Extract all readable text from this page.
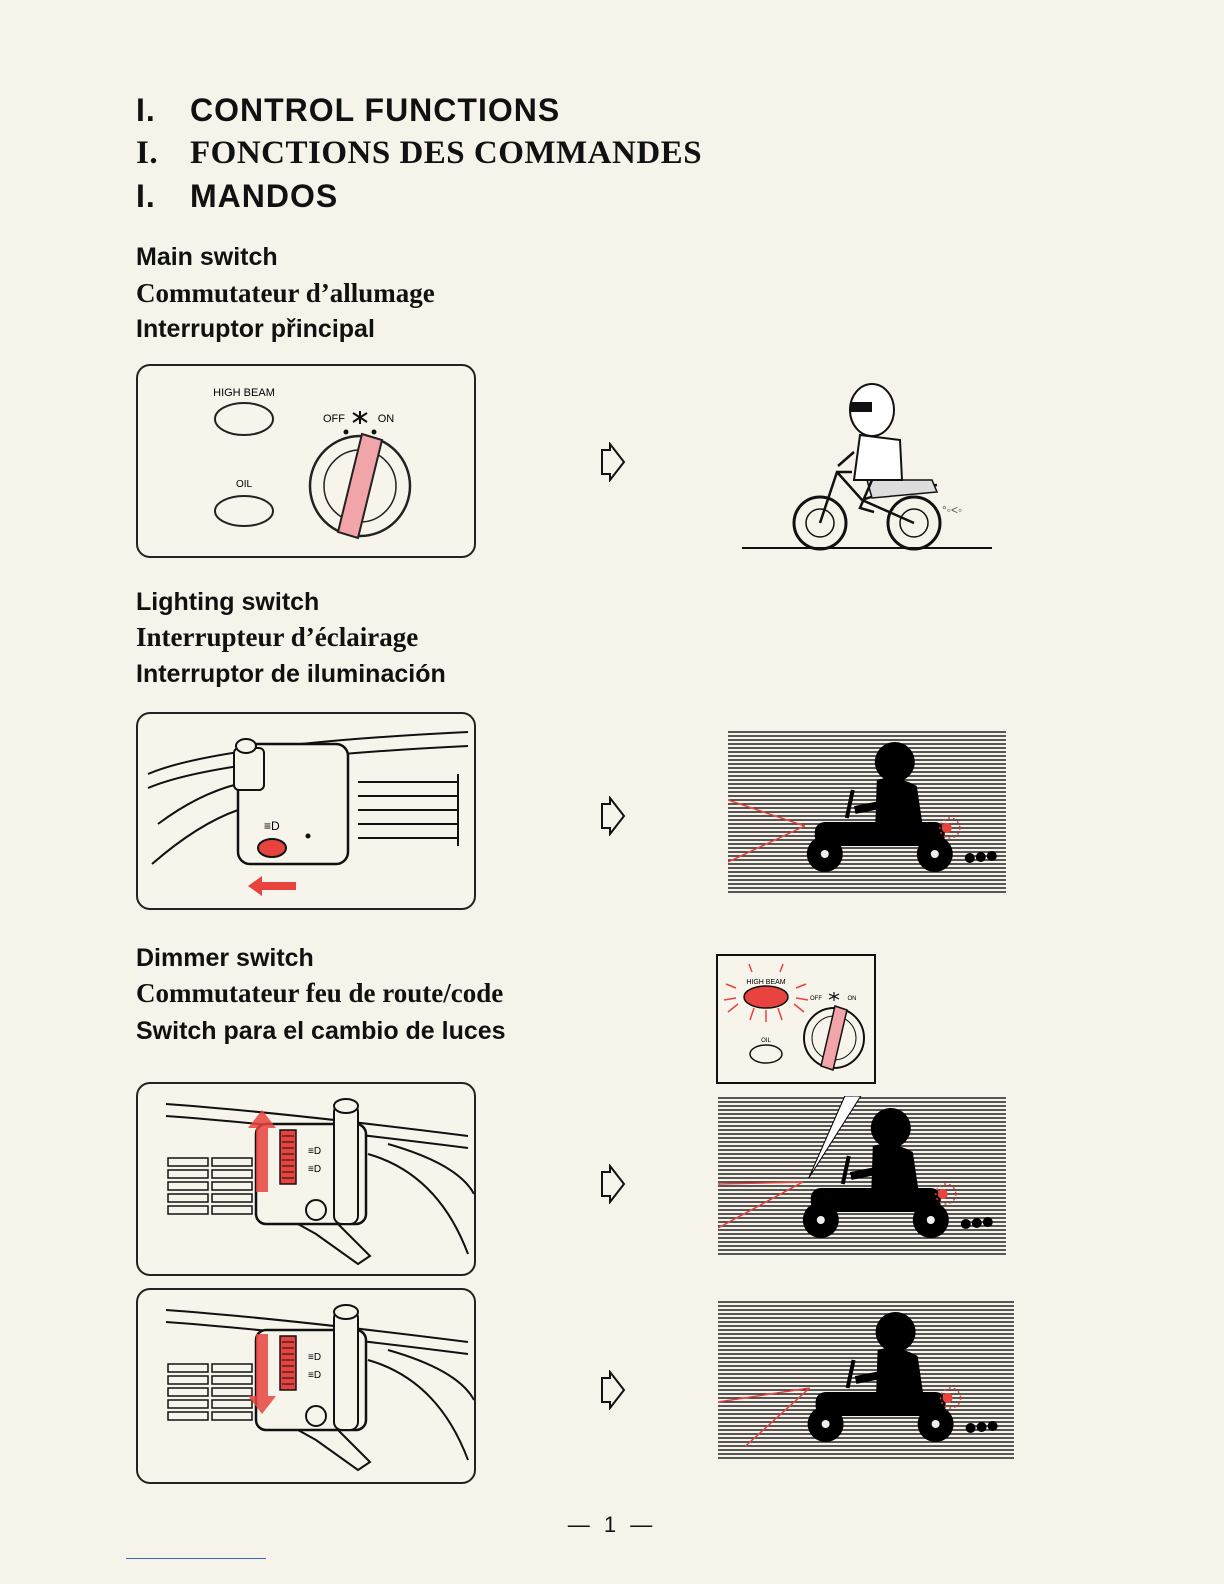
I. CONTROL FUNCTIONS
I. FONCTIONS DES COMMANDES
I. MANDOS

Main switch

Commutateur d’allumage

Interruptor přincipal

HIGH BEAM
OIL
OFF	ON
°◦˂◦

Lighting switch

Interrupteur d’éclairage

Interruptor de iluminación

≡D

Dimmer switch

Commutateur feu de route/code

Switch para el cambio de luces

HIGH BEAM
OIL
OFF	ON
≡D
≡D
≡D
≡D
— 1 —
